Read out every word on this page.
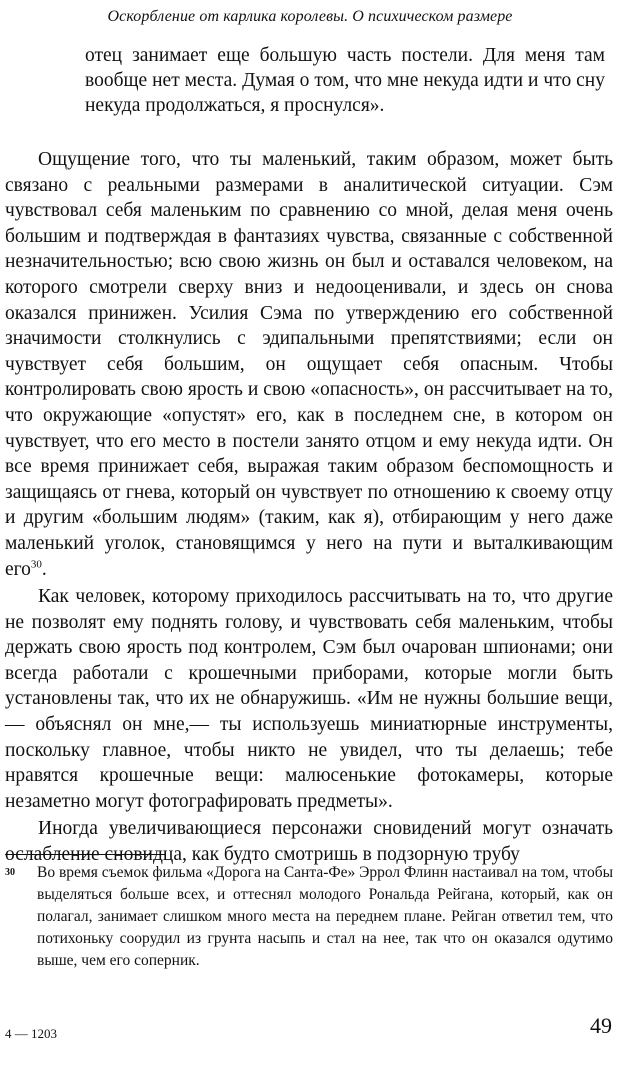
Оскорбление от карлика королевы. О психическом размере
отец занимает еще большую часть постели. Для меня там вообще нет места. Думая о том, что мне некуда идти и что сну некуда продолжаться, я проснулся».

Ощущение того, что ты маленький, таким образом, может быть связано с реальными размерами в аналитической ситуации. Сэм чувствовал себя маленьким по сравнению со мной, делая меня очень большим и подтверждая в фантазиях чувства, связанные с собственной незначительностью; всю свою жизнь он был и оставался человеком, на которого смотрели сверху вниз и недооценивали, и здесь он снова оказался принижен. Усилия Сэма по утверждению его собственной значимости столкнулись с эдипальными препятствиями; если он чувствует себя большим, он ощущает себя опасным. Чтобы контролировать свою ярость и свою «опасность», он рассчитывает на то, что окружающие «опустят» его, как в последнем сне, в котором он чувствует, что его место в постели занято отцом и ему некуда идти. Он все время принижает себя, выражая таким образом беспомощность и защищаясь от гнева, который он чувствует по отношению к своему отцу и другим «большим людям» (таким, как я), отбирающим у него даже маленький уголок, становящимся у него на пути и выталкивающим его$^{30}$.

Как человек, которому приходилось рассчитывать на то, что другие не позволят ему поднять голову, и чувствовать себя маленьким, чтобы держать свою ярость под контролем, Сэм был очарован шпионами; они всегда работали с крошечными приборами, которые могли быть установлены так, что их не обнаружишь. «Им не нужны большие вещи,— объяснял он мне,— ты используешь миниатюрные инструменты, поскольку главное, чтобы никто не увидел, что ты делаешь; тебе нравятся крошечные вещи: малюсенькие фотокамеры, которые незаметно могут фотографировать предметы».

Иногда увеличивающиеся персонажи сновидений могут означать ослабление сновидца, как будто смотришь в подзорную трубу

30 Во время съемок фильма «Дорога на Санта-Фе» Эррол Флинн настаивал на том, чтобы выделяться больше всех, и оттеснял молодого Рональда Рейгана, который, как он полагал, занимает слишком много места на переднем плане. Рейган ответил тем, что потихоньку соорудил из грунта насыпь и стал на нее, так что он оказался одутимо выше, чем его соперник.
4 — 1203	49
